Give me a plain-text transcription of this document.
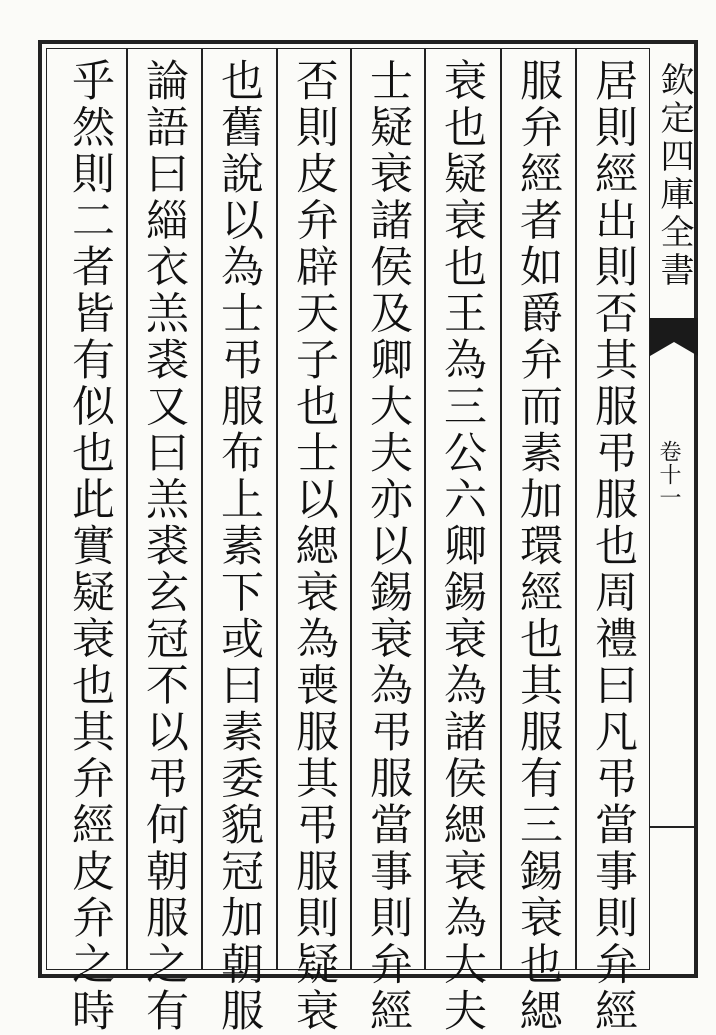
居則經出則否其服弔服也周禮曰凡弔當事則弁經
服弁經者如爵弁而素加環經也其服有三錫衰也緦
衰也疑衰也王為三公六卿錫衰為諸侯緦衰為大夫
士疑衰諸侯及卿大夫亦以錫衰為弔服當事則弁經
否則皮弁辟天子也士以緦衰為喪服其弔服則疑衰
也舊說以為士弔服布上素下或曰素委貌冠加朝服
論語曰緇衣羔裘又曰羔裘玄冠不以弔何朝服之有
乎然則二者皆有似也此實疑衰也其弁經皮弁之時	欽定四庫全書
卷十一
